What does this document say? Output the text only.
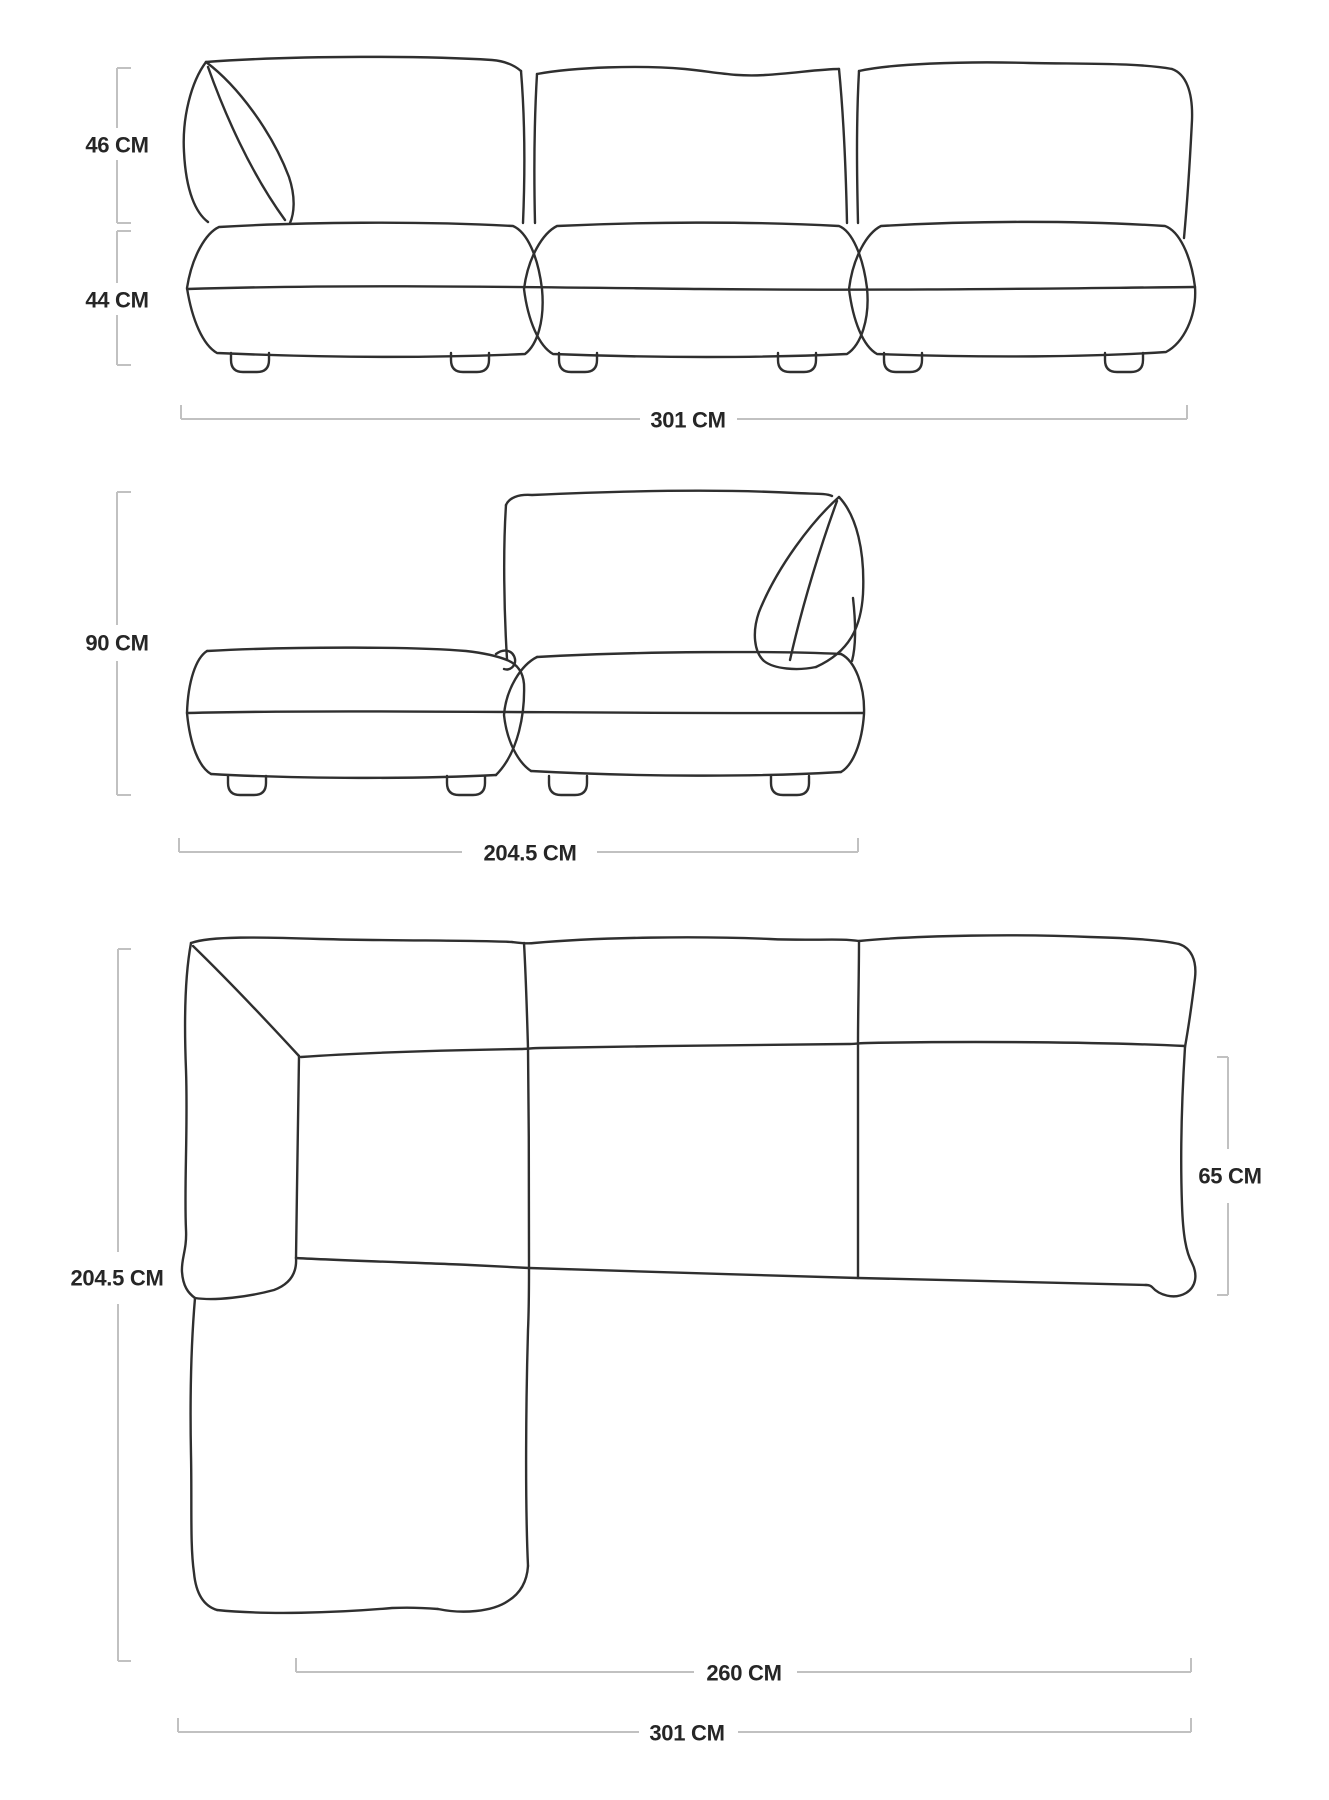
46 CM
44 CM
301 CM
90 CM
204.5 CM
204.5 CM
65 CM
260 CM
301 CM
